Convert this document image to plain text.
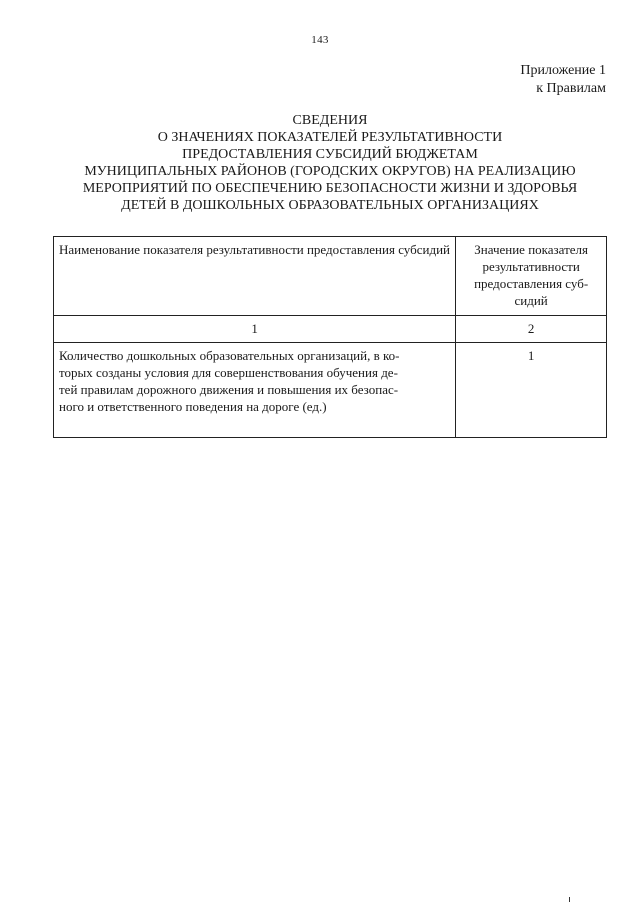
143
Приложение 1
к Правилам
СВЕДЕНИЯ
О ЗНАЧЕНИЯХ ПОКАЗАТЕЛЕЙ РЕЗУЛЬТАТИВНОСТИ
ПРЕДОСТАВЛЕНИЯ СУБСИДИЙ БЮДЖЕТАМ
МУНИЦИПАЛЬНЫХ РАЙОНОВ (ГОРОДСКИХ ОКРУГОВ) НА РЕАЛИЗАЦИЮ
МЕРОПРИЯТИЙ ПО ОБЕСПЕЧЕНИЮ БЕЗОПАСНОСТИ ЖИЗНИ И ЗДОРОВЬЯ
ДЕТЕЙ В ДОШКОЛЬНЫХ ОБРАЗОВАТЕЛЬНЫХ ОРГАНИЗАЦИЯХ
Наименование показателя результативности предоставления субсидий	Значение показателя
результативности
предоставления суб-
сидий

1	2

Количество дошкольных образовательных организаций, в ко-
торых созданы условия для совершенствования обучения де-
тей правилам дорожного движения и повышения их безопас-
ного и ответственного поведения на дороге (ед.)	1
